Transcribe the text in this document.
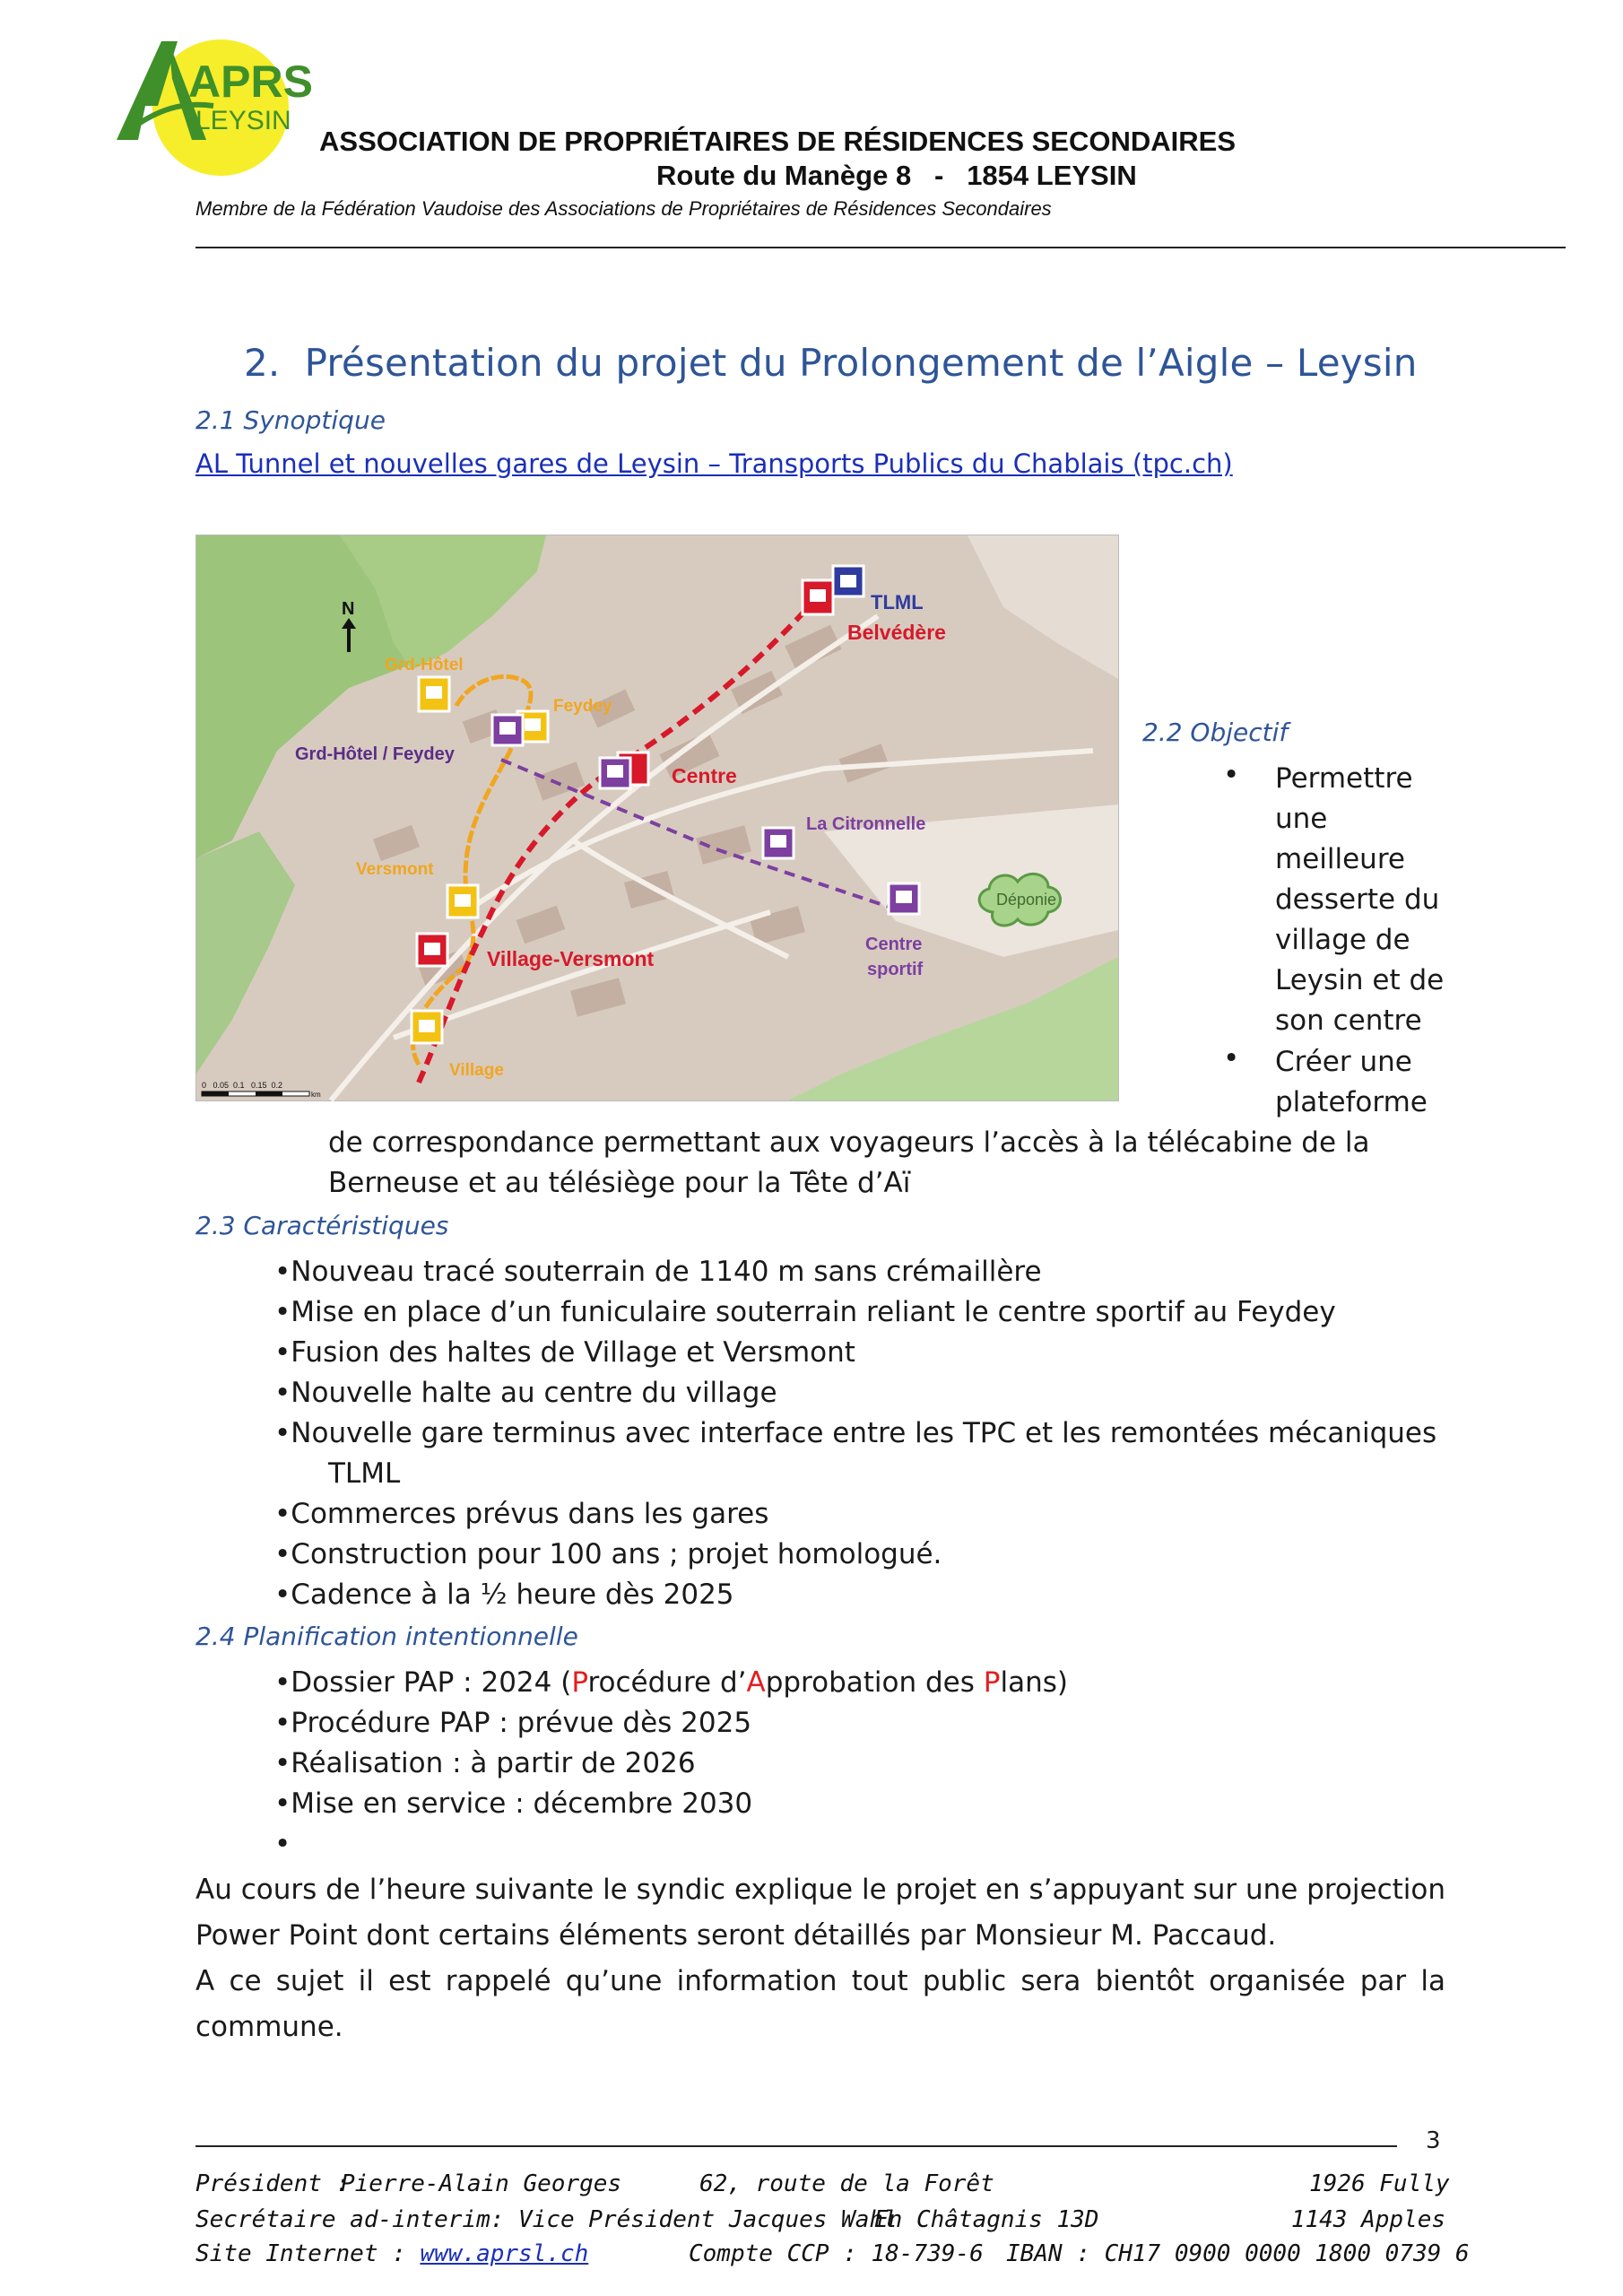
APRS
LEYSIN
ASSOCIATION DE PROPRIÉTAIRES DE RÉSIDENCES SECONDAIRES
Route du Manège 8   -   1854 LEYSIN
Membre de la Fédération Vaudoise des Associations de Propriétaires de Résidences Secondaires
2.  Présentation du projet du Prolongement de l’Aigle – Leysin
2.1 Synoptique
AL Tunnel et nouvelles gares de Leysin – Transports Publics du Chablais (tpc.ch)
Déponie
N	TLML
Belvédère
Grd-Hôtel
Feydey
Grd-Hôtel / Feydey
Centre
La Citronnelle
Versmont
Centre
sportif
Village-Versmont
Village
0   0.05  0.1   0.15  0.2
km
2.2 Objectif
• Permettre
une
meilleure
desserte du
village de
Leysin et de
son centre
• Créer une
plateforme
de correspondance permettant aux voyageurs l’accès à la télécabine de la
Berneuse et au télésiège pour la Tête d’Aï
2.3 Caractéristiques
•Nouveau tracé souterrain de 1140 m sans crémaillère
•Mise en place d’un funiculaire souterrain reliant le centre sportif au Feydey
•Fusion des haltes de Village et Versmont
•Nouvelle halte au centre du village
•Nouvelle gare terminus avec interface entre les TPC et les remontées mécaniques
TLML
•Commerces prévus dans les gares
•Construction pour 100 ans ; projet homologué.
•Cadence à la ½ heure dès 2025
2.4 Planification intentionnelle
•Dossier PAP : 2024 (Procédure d’Approbation des Plans)
•Procédure PAP : prévue dès 2025
•Réalisation : à partir de 2026
•Mise en service : décembre 2030
•
Au cours de l’heure suivante le syndic explique le projet en s’appuyant sur une projection
Power Point dont certains éléments seront détaillés par Monsieur M. Paccaud.
A ce sujet il est rappelé qu’une information tout public sera bientôt organisée par la
commune.
3
Président :
Pierre-Alain Georges	62, route de la Forêt	1926 Fully
Secrétaire ad-interim: Vice Président Jacques Wahl
En Châtagnis 13D	1143 Apples
Site Internet : www.aprsl.ch	Compte CCP : 18-739-6 IBAN : CH17 0900 0000 1800 0739 6
